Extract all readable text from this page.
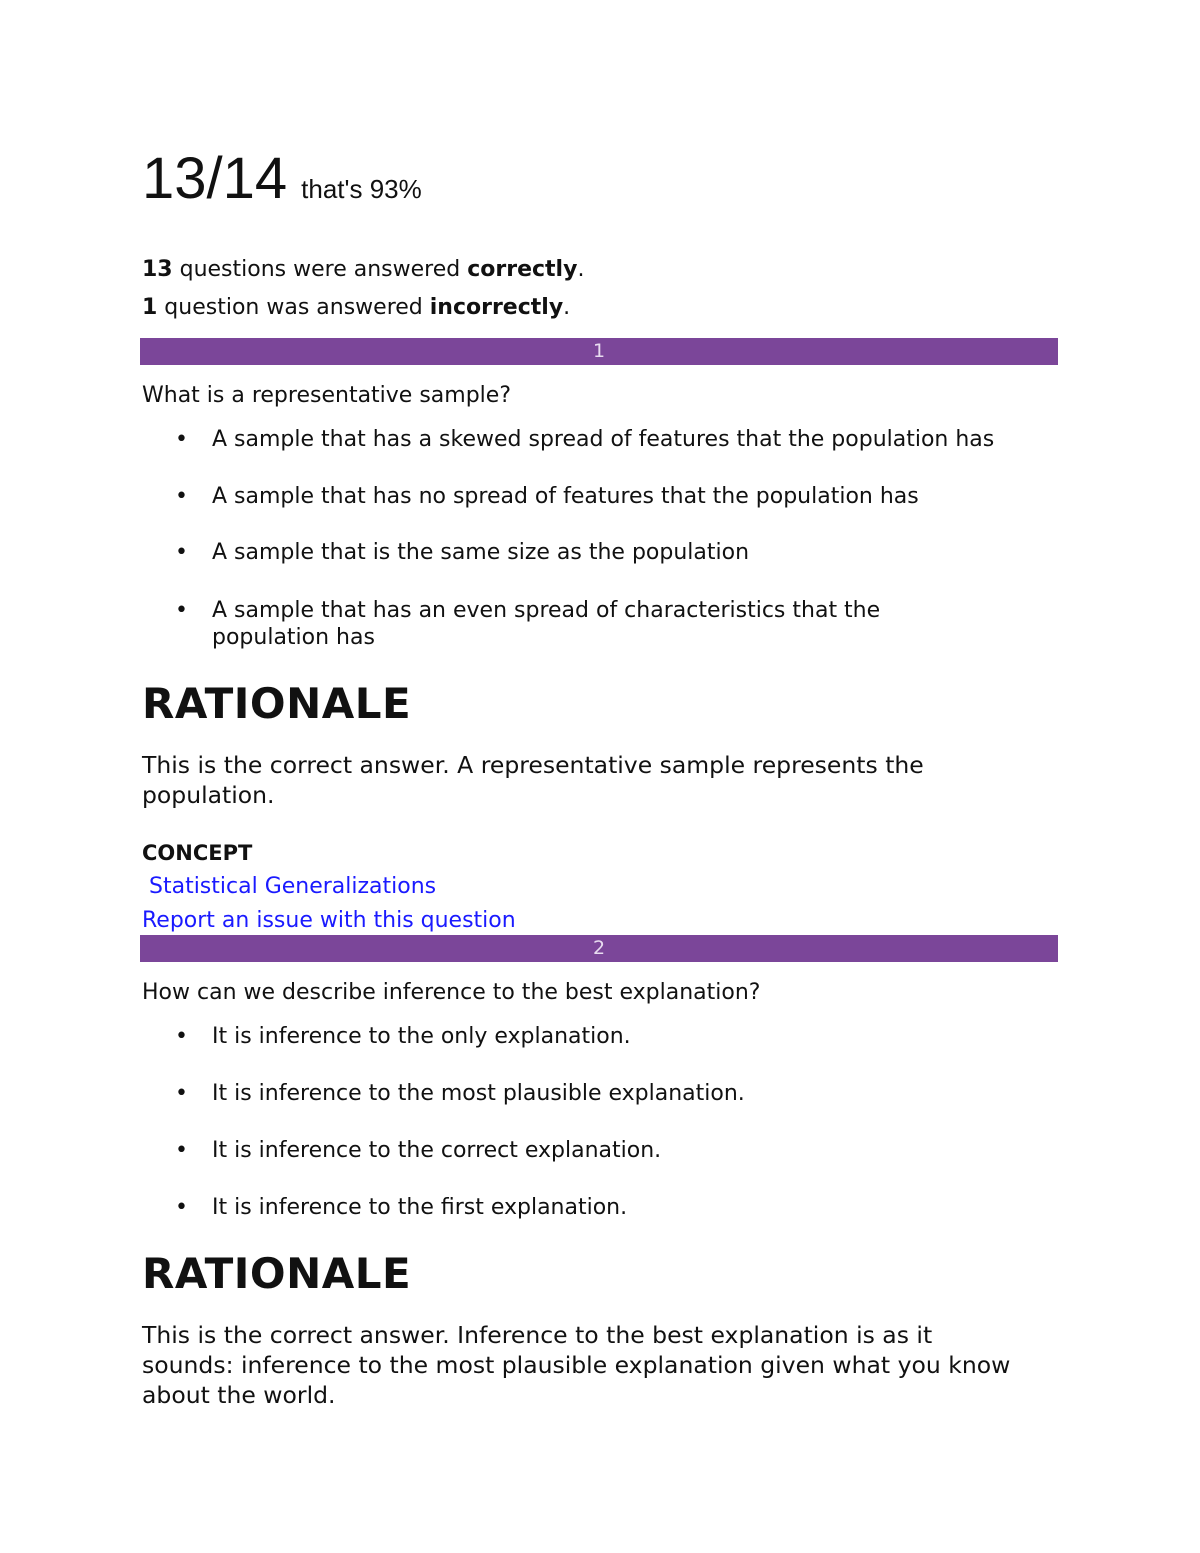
13/14 that's 93%
13 questions were answered correctly.
1 question was answered incorrectly.
1
What is a representative sample?
• A sample that has a skewed spread of features that the population has
• A sample that has no spread of features that the population has
• A sample that is the same size as the population
• A sample that has an even spread of characteristics that the population has
RATIONALE
This is the correct answer. A representative sample represents the population.
CONCEPT
Statistical Generalizations
Report an issue with this question
2
How can we describe inference to the best explanation?
• It is inference to the only explanation.
• It is inference to the most plausible explanation.
• It is inference to the correct explanation.
• It is inference to the first explanation.
RATIONALE
This is the correct answer. Inference to the best explanation is as it sounds: inference to the most plausible explanation given what you know about the world.
